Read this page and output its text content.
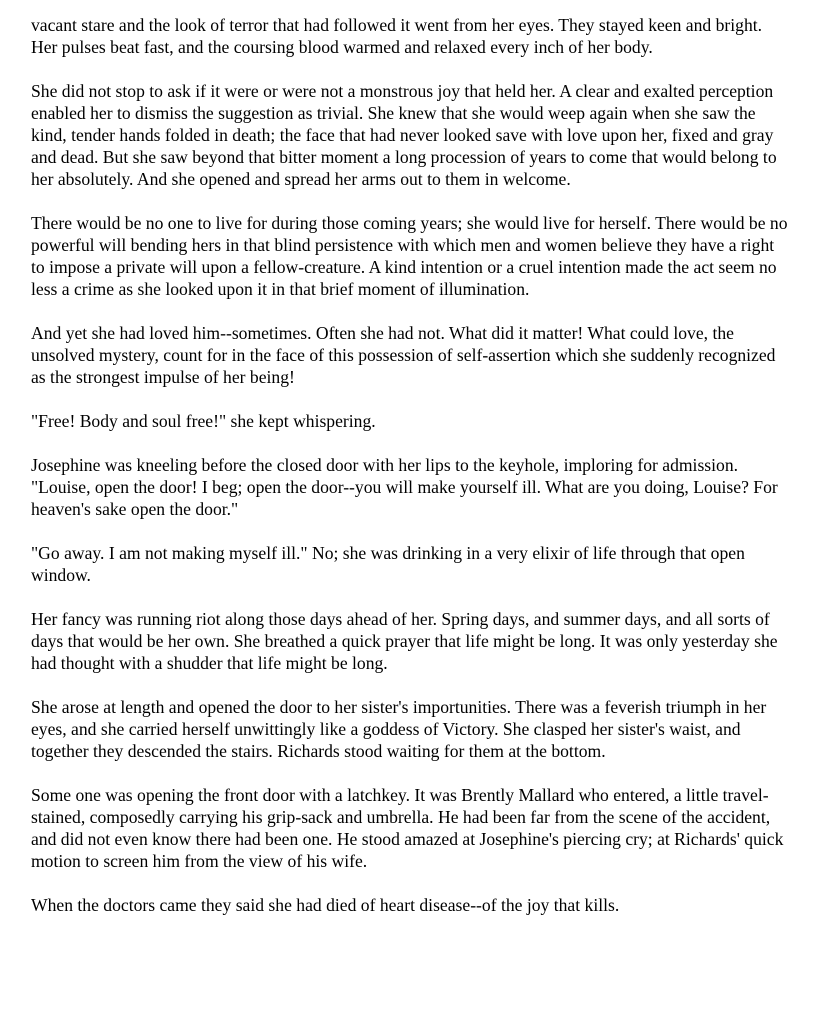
vacant stare and the look of terror that had followed it went from her eyes. They stayed keen and bright. Her pulses beat fast, and the coursing blood warmed and relaxed every inch of her body.

She did not stop to ask if it were or were not a monstrous joy that held her. A clear and exalted perception enabled her to dismiss the suggestion as trivial. She knew that she would weep again when she saw the kind, tender hands folded in death; the face that had never looked save with love upon her, fixed and gray and dead. But she saw beyond that bitter moment a long procession of years to come that would belong to her absolutely. And she opened and spread her arms out to them in welcome.

There would be no one to live for during those coming years; she would live for herself. There would be no powerful will bending hers in that blind persistence with which men and women believe they have a right to impose a private will upon a fellow-creature. A kind intention or a cruel intention made the act seem no less a crime as she looked upon it in that brief moment of illumination.

And yet she had loved him--sometimes. Often she had not. What did it matter! What could love, the unsolved mystery, count for in the face of this possession of self-assertion which she suddenly recognized as the strongest impulse of her being!

"Free! Body and soul free!" she kept whispering.

Josephine was kneeling before the closed door with her lips to the keyhole, imploring for admission. "Louise, open the door! I beg; open the door--you will make yourself ill. What are you doing, Louise? For heaven's sake open the door."

"Go away. I am not making myself ill." No; she was drinking in a very elixir of life through that open window.

Her fancy was running riot along those days ahead of her. Spring days, and summer days, and all sorts of days that would be her own. She breathed a quick prayer that life might be long. It was only yesterday she had thought with a shudder that life might be long.

She arose at length and opened the door to her sister's importunities. There was a feverish triumph in her eyes, and she carried herself unwittingly like a goddess of Victory. She clasped her sister's waist, and together they descended the stairs. Richards stood waiting for them at the bottom.

Some one was opening the front door with a latchkey. It was Brently Mallard who entered, a little travel-stained, composedly carrying his grip-sack and umbrella. He had been far from the scene of the accident, and did not even know there had been one. He stood amazed at Josephine's piercing cry; at Richards' quick motion to screen him from the view of his wife.

When the doctors came they said she had died of heart disease--of the joy that kills.
